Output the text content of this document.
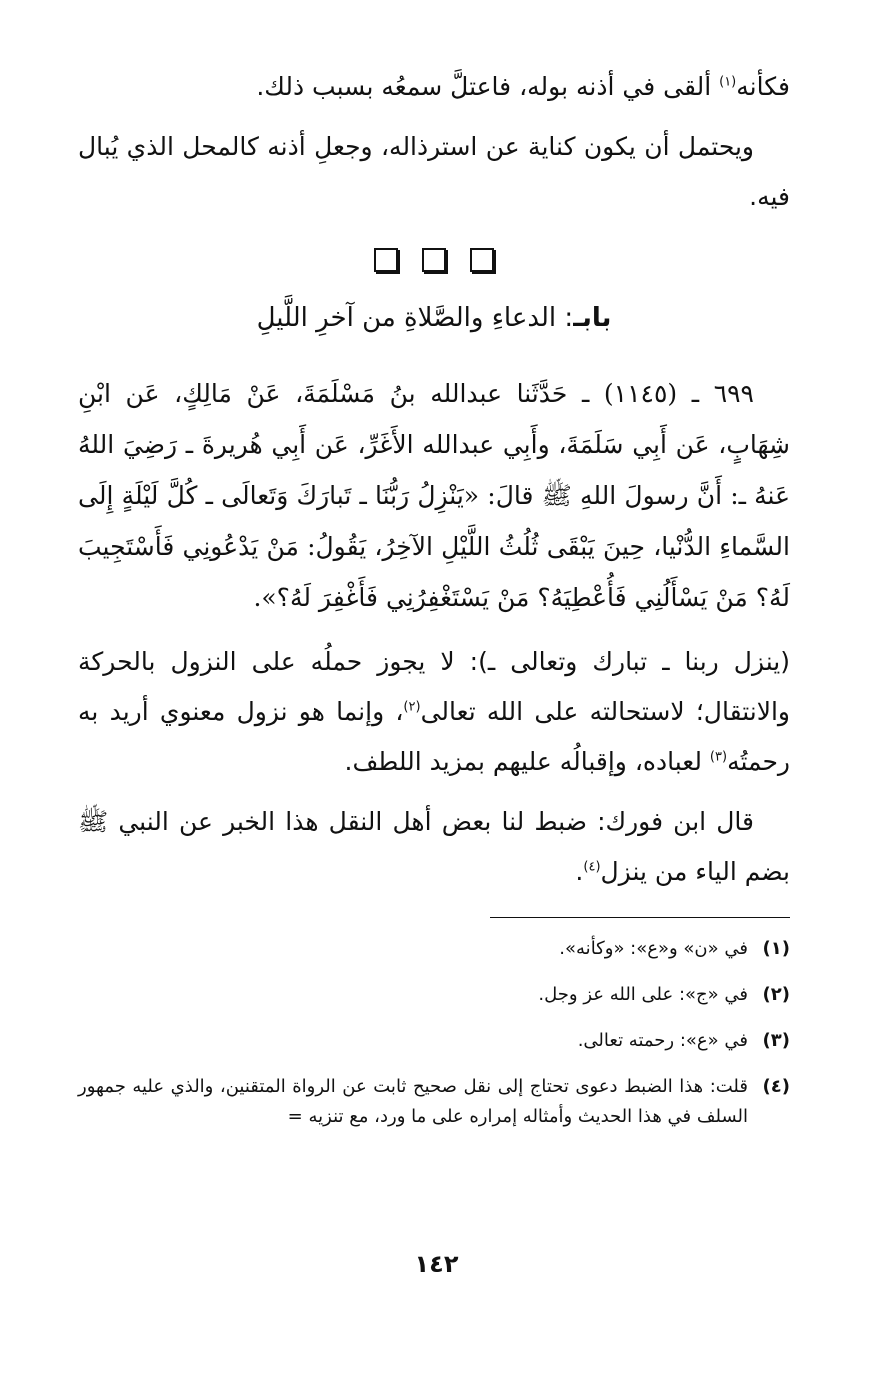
فكأنه$^{(١)}$ ألقى في أذنه بوله، فاعتلَّ سمعُه بسبب ذلك.

ويحتمل أن يكون كناية عن استرذاله، وجعلِ أذنه كالمحل الذي يُبال فيه.

بابـ: الدعاءِ والصَّلاةِ من آخرِ اللَّيلِ

٦٩٩ ـ (١١٤٥) ـ حَدَّثَنا عبدالله بنُ مَسْلَمَةَ، عَنْ مَالِكٍ، عَن ابْنِ شِهَابٍ، عَن أَبِي سَلَمَةَ، وأَبِي عبدالله الأَغَرِّ، عَن أَبِي هُريرةَ ـ رَضِيَ اللهُ عَنهُ ـ: أَنَّ رسولَ اللهِ ﷺ قالَ: «يَنْزِلُ رَبُّنَا ـ تَبارَكَ وَتَعالَى ـ كُلَّ لَيْلَةٍ إِلَى السَّماءِ الدُّنْيا، حِينَ يَبْقَى ثُلُثُ اللَّيْلِ الآخِرُ، يَقُولُ: مَنْ يَدْعُونِي فَأَسْتَجِيبَ لَهُ؟ مَنْ يَسْأَلُنِي فَأُعْطِيَهُ؟ مَنْ يَسْتَغْفِرُنِي فَأَغْفِرَ لَهُ؟».

(ينزل ربنا ـ تبارك وتعالى ـ): لا يجوز حملُه على النزول بالحركة والانتقال؛ لاستحالته على الله تعالى$^{(٢)}$، وإنما هو نزول معنوي أريد به رحمتُه$^{(٣)}$ لعباده، وإقبالُه عليهم بمزيد اللطف.

قال ابن فورك: ضبط لنا بعض أهل النقل هذا الخبر عن النبي ﷺ بضم الياء من ينزل$^{(٤)}$.

(١)
في «ن» و«ع»: «وكأنه».
(٢)
في «ج»: على الله عز وجل.
(٣)
في «ع»: رحمته تعالى.
(٤)
قلت: هذا الضبط دعوى تحتاج إلى نقل صحيح ثابت عن الرواة المتقنين، والذي عليه جمهور السلف في هذا الحديث وأمثاله إمراره على ما ورد، مع تنزيه =
١٤٢
